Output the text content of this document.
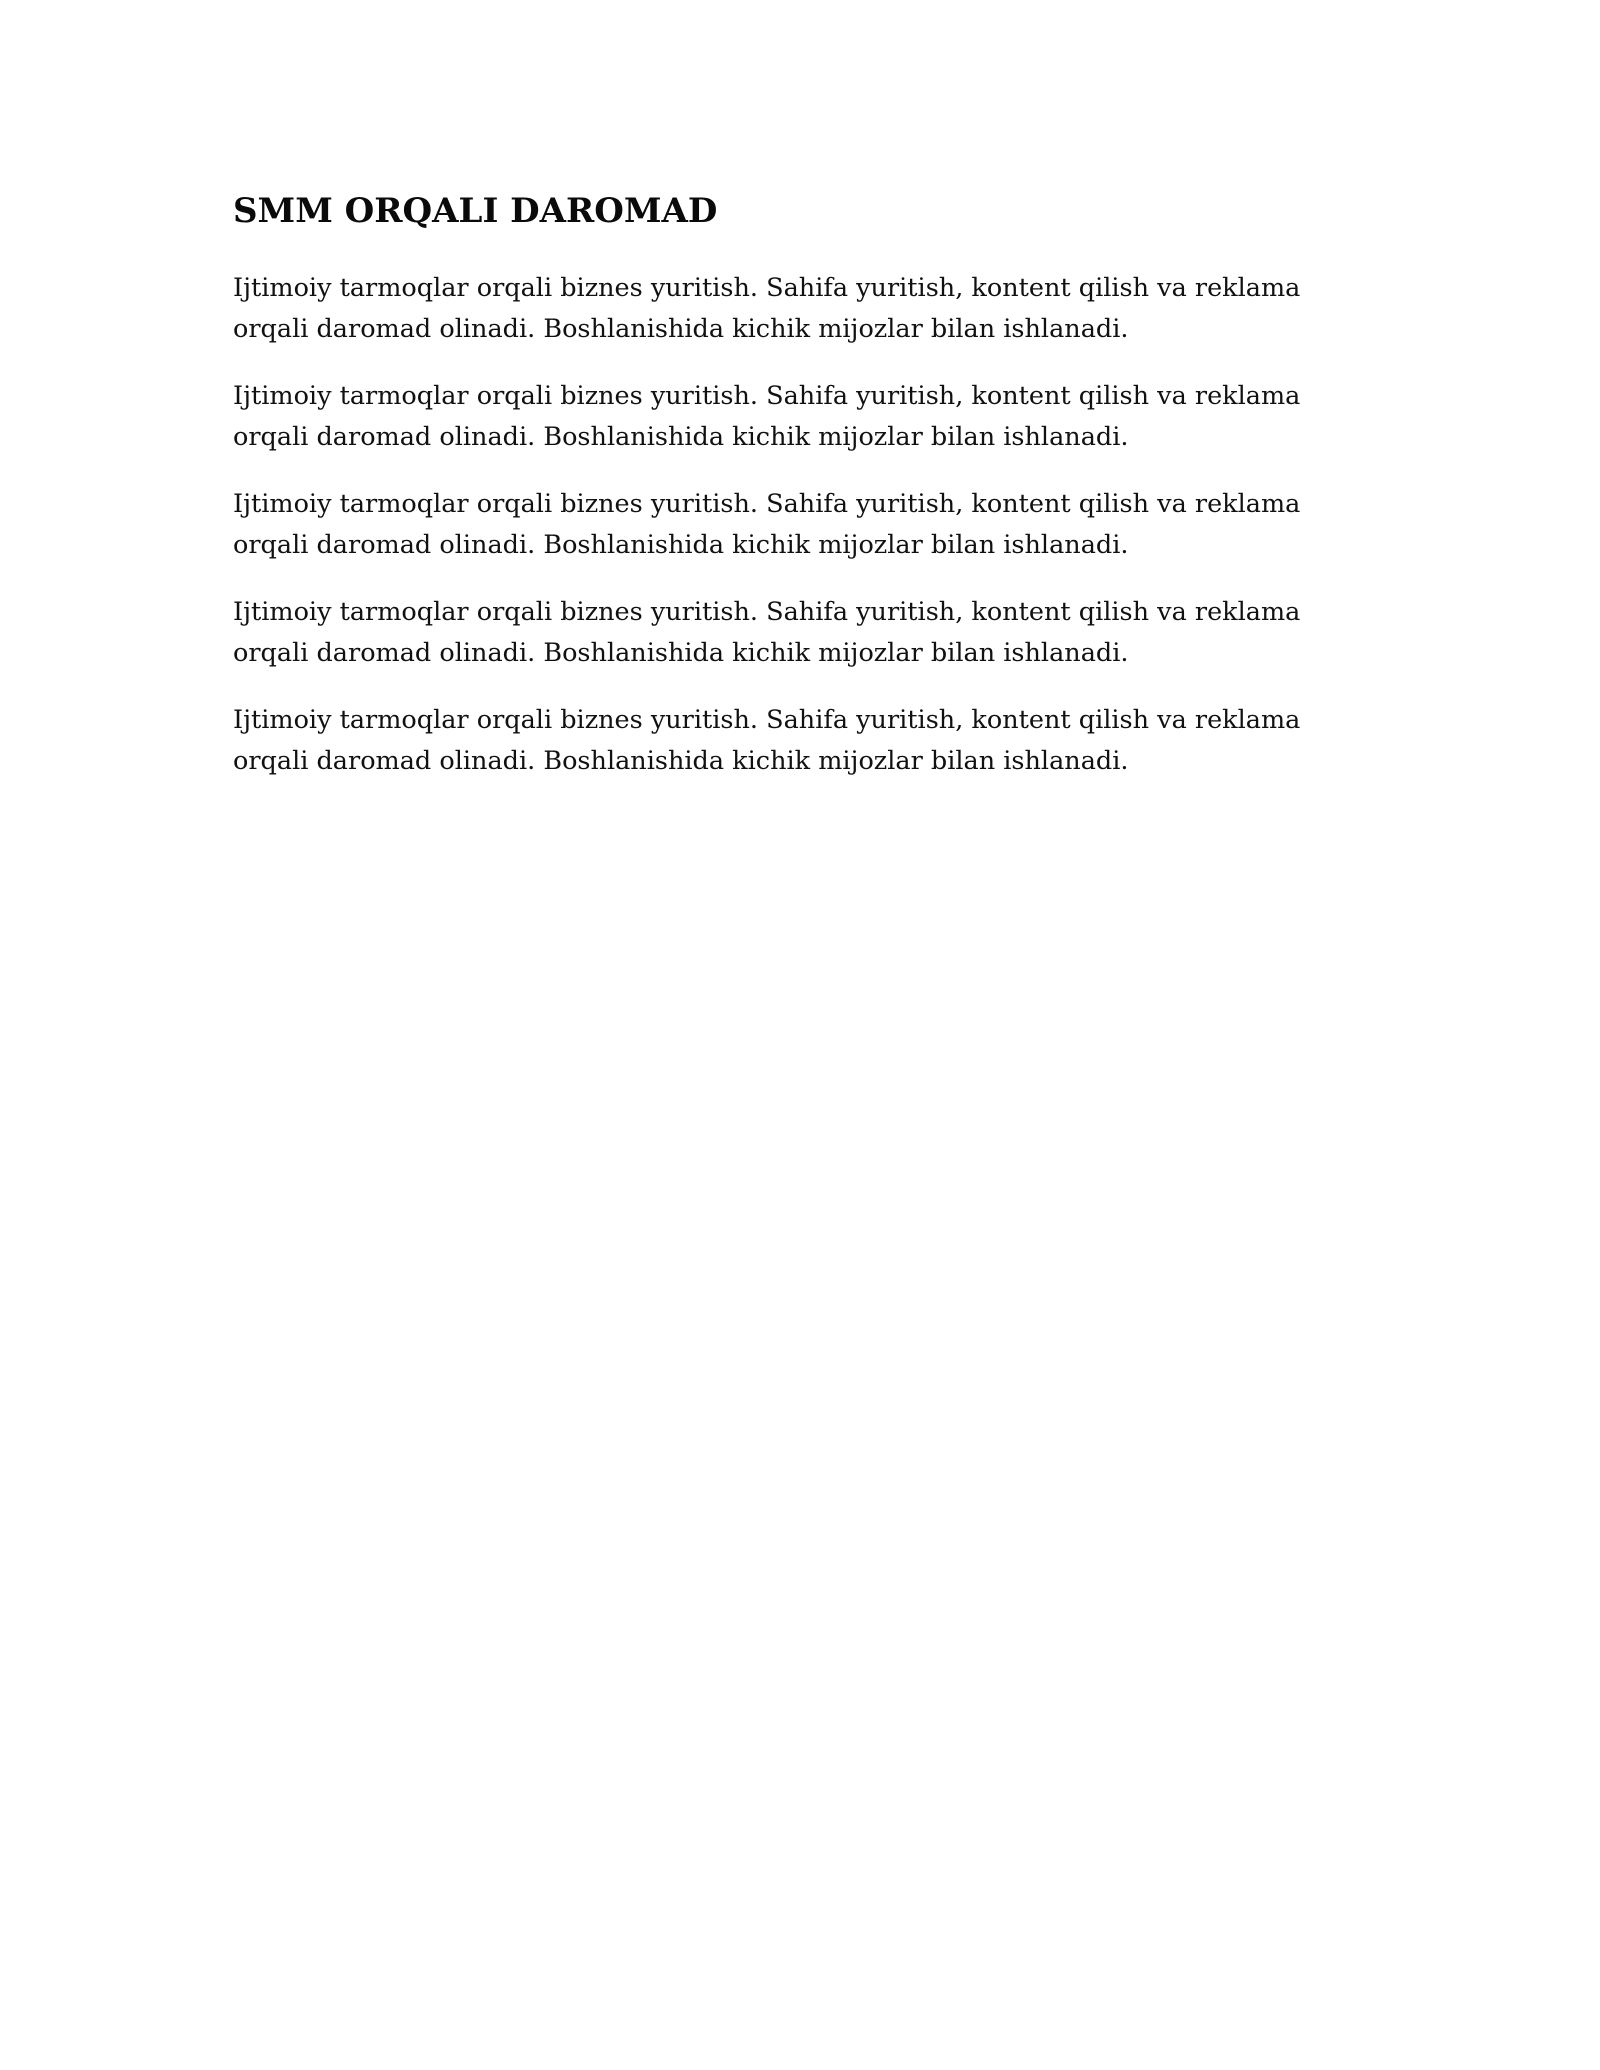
SMM ORQALI DAROMAD

Ijtimoiy tarmoqlar orqali biznes yuritish. Sahifa yuritish, kontent qilish va reklama orqali daromad olinadi. Boshlanishida kichik mijozlar bilan ishlanadi.

Ijtimoiy tarmoqlar orqali biznes yuritish. Sahifa yuritish, kontent qilish va reklama orqali daromad olinadi. Boshlanishida kichik mijozlar bilan ishlanadi.

Ijtimoiy tarmoqlar orqali biznes yuritish. Sahifa yuritish, kontent qilish va reklama orqali daromad olinadi. Boshlanishida kichik mijozlar bilan ishlanadi.

Ijtimoiy tarmoqlar orqali biznes yuritish. Sahifa yuritish, kontent qilish va reklama orqali daromad olinadi. Boshlanishida kichik mijozlar bilan ishlanadi.

Ijtimoiy tarmoqlar orqali biznes yuritish. Sahifa yuritish, kontent qilish va reklama orqali daromad olinadi. Boshlanishida kichik mijozlar bilan ishlanadi.
